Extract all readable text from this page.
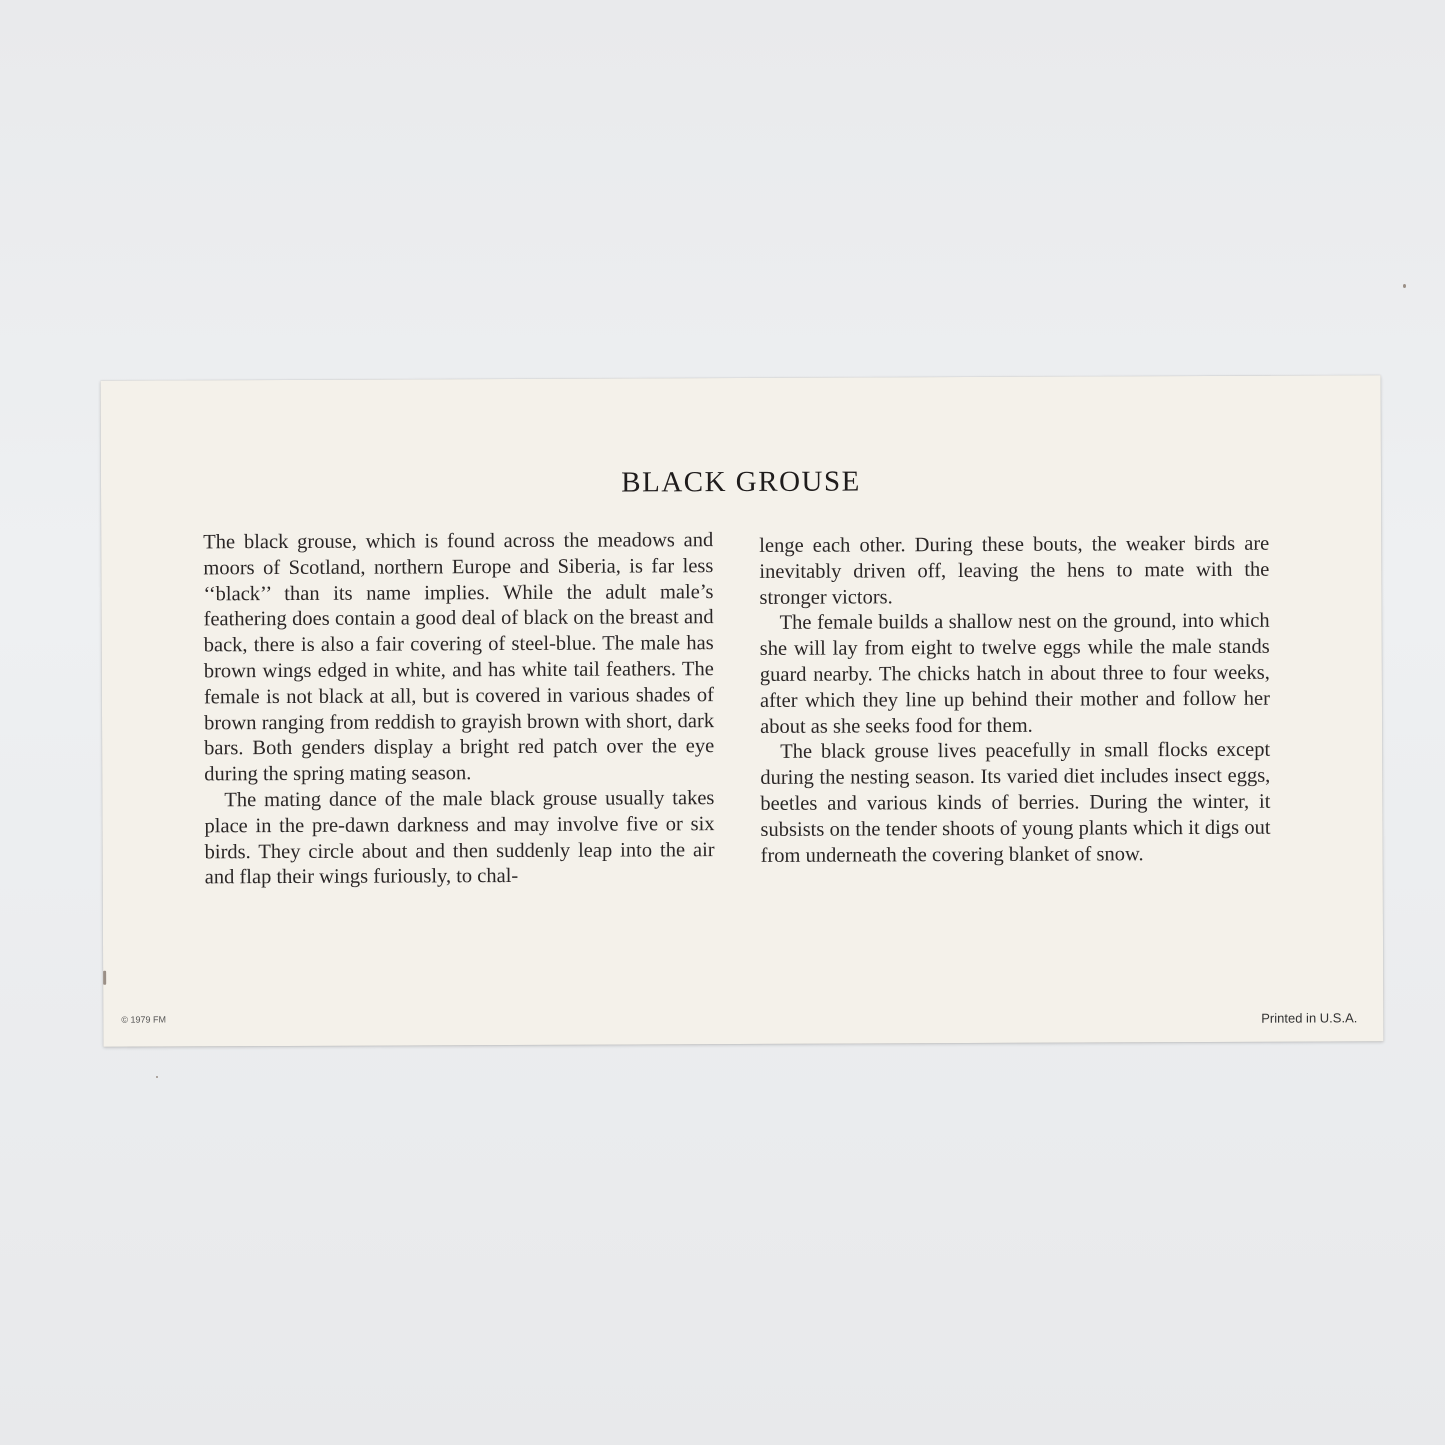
BLACK GROUSE

The black grouse, which is found across the meadows and moors of Scotland, northern Europe and Siberia, is far less ‘‘black’’ than its name implies. While the adult male’s feathering does contain a good deal of black on the breast and back, there is also a fair covering of steel-blue. The male has brown wings edged in white, and has white tail feathers. The female is not black at all, but is covered in various shades of brown ranging from reddish to grayish brown with short, dark bars. Both genders display a bright red patch over the eye during the spring mating season.

The mating dance of the male black grouse usually takes place in the pre-dawn darkness and may involve five or six birds. They circle about and then suddenly leap into the air and flap their wings furiously, to chal-

lenge each other. During these bouts, the weaker birds are inevitably driven off, leaving the hens to mate with the stronger victors.

The female builds a shallow nest on the ground, into which she will lay from eight to twelve eggs while the male stands guard nearby. The chicks hatch in about three to four weeks, after which they line up behind their mother and follow her about as she seeks food for them.

The black grouse lives peacefully in small flocks except during the nesting season. Its varied diet includes insect eggs, beetles and various kinds of berries. During the winter, it subsists on the tender shoots of young plants which it digs out from underneath the covering blanket of snow.

© 1979 FM	Printed in U.S.A.
